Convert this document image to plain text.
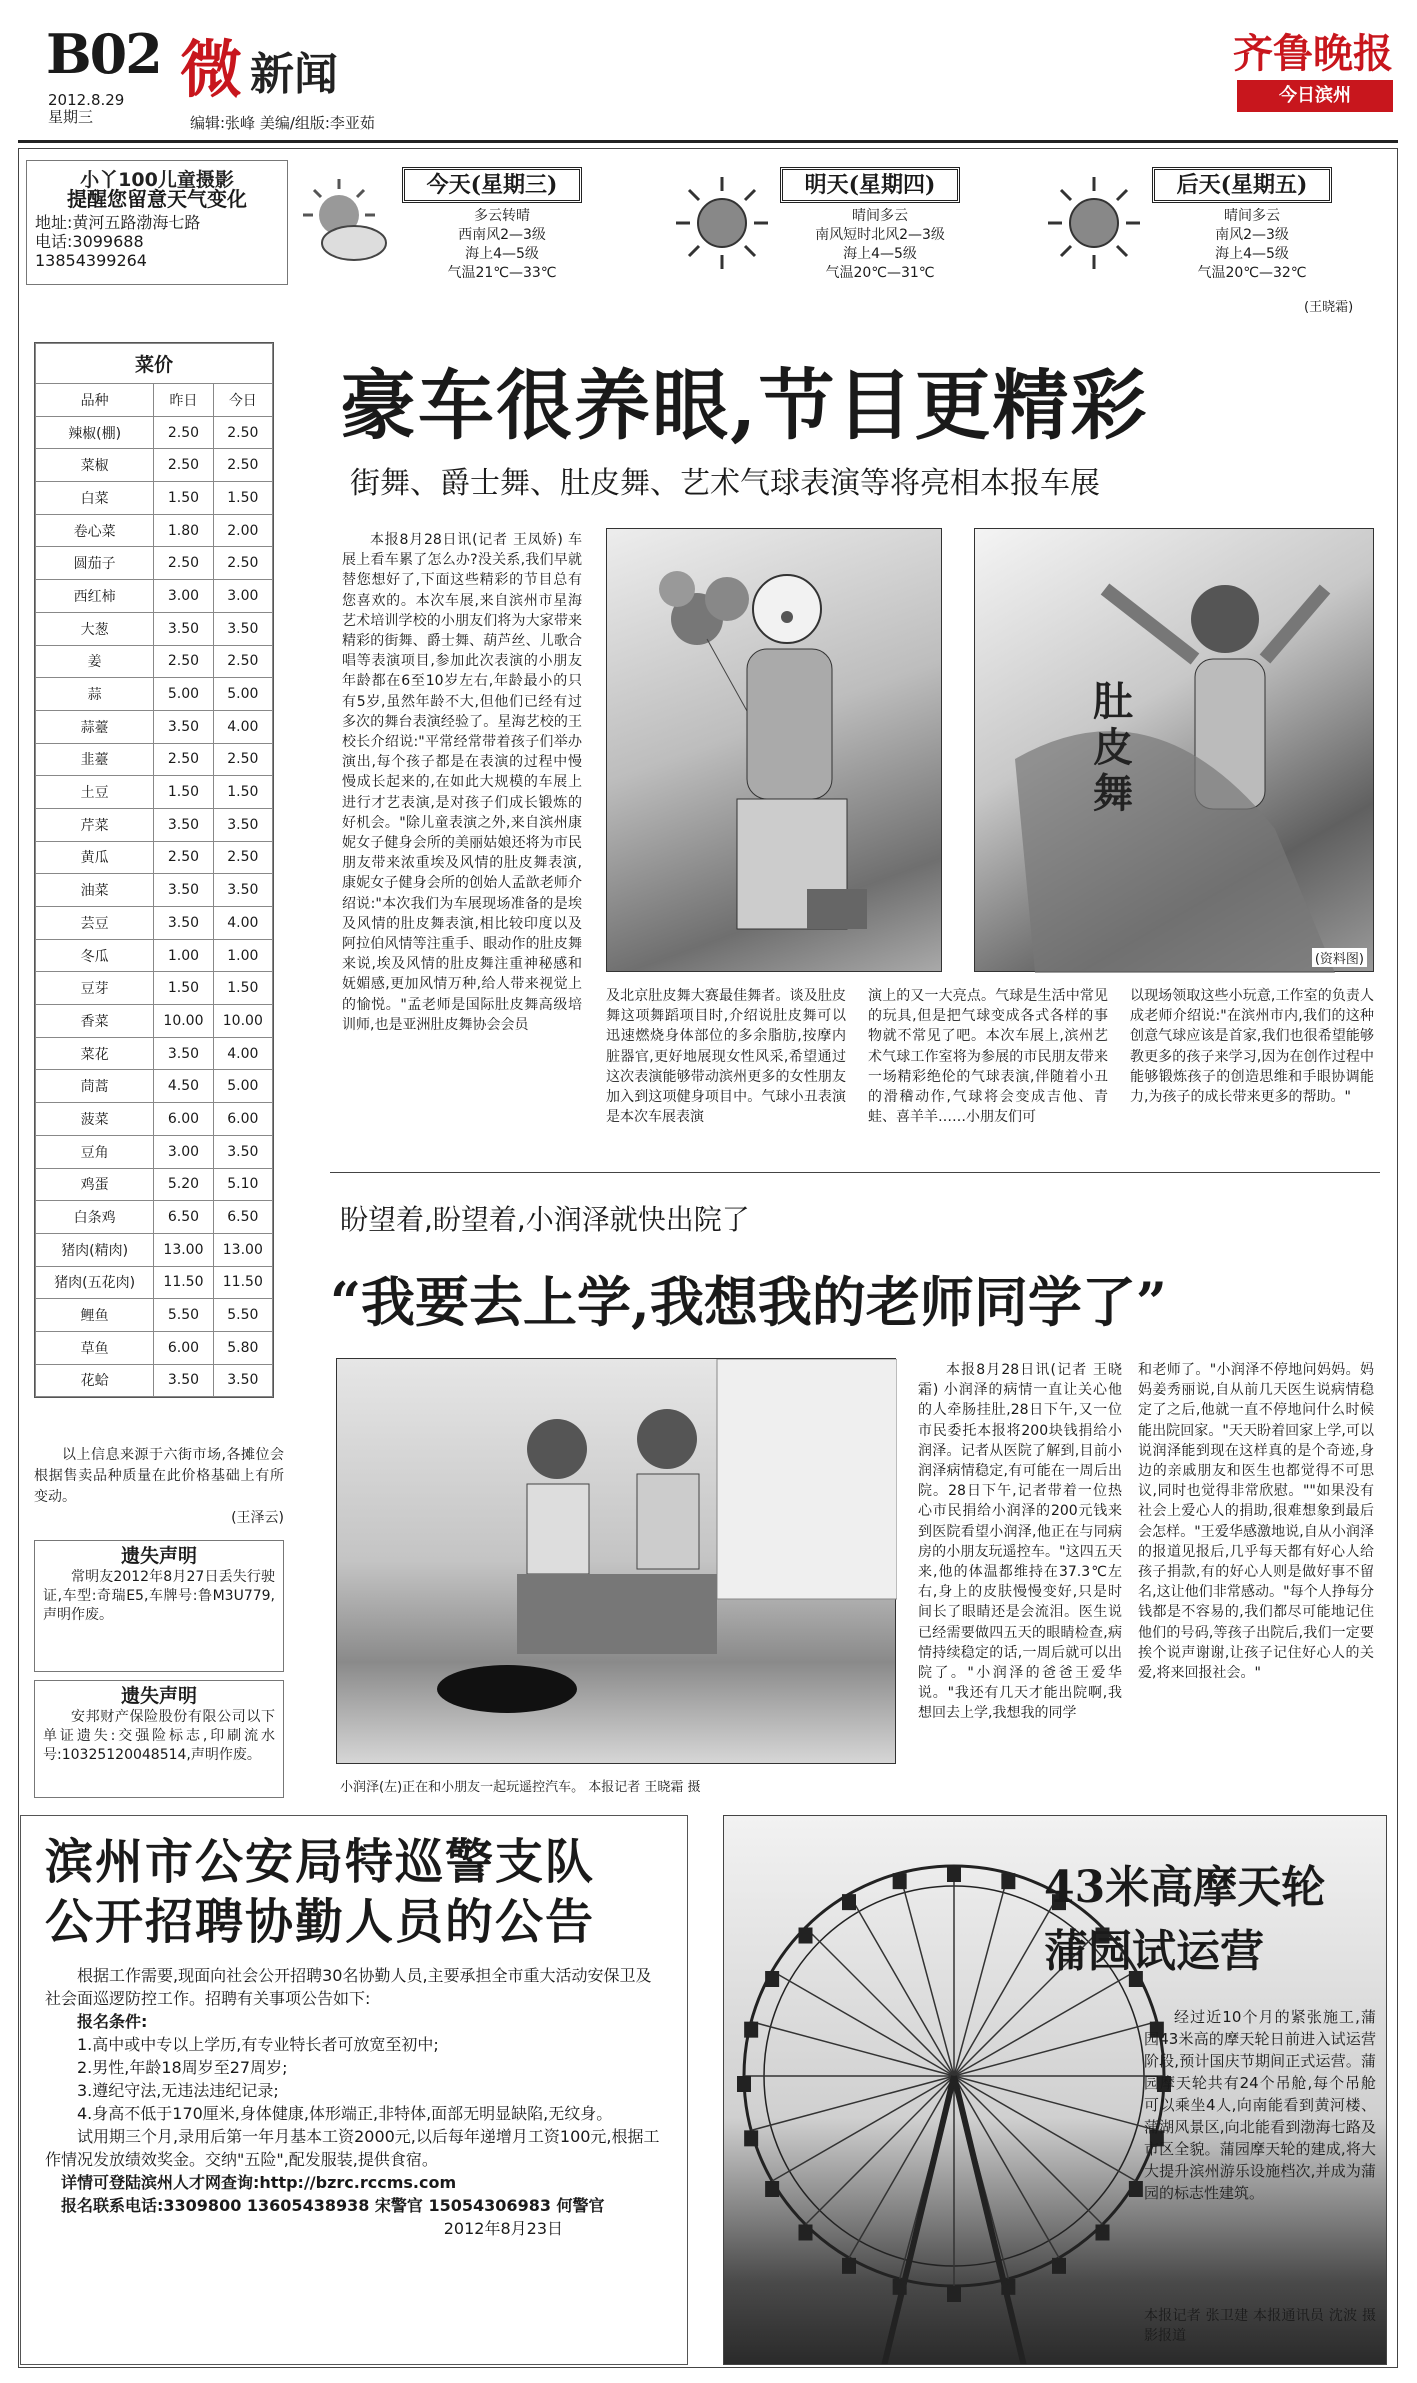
B02
2012.8.29
星期三
微 新闻
编辑:张峰 美编/组版:李亚茹
齐鲁晚报
今日滨州
小丫100儿童摄影
提醒您留意天气变化
地址:黄河五路渤海七路
电话:3099688
13854399264
今天(星期三)
多云转晴
西南风2—3级
海上4—5级
气温21℃—33℃
明天(星期四)
晴间多云
南风短时北风2—3级
海上4—5级
气温20℃—31℃
后天(星期五)
晴间多云
南风2—3级
海上4—5级
气温20℃—32℃
(王晓霜)
菜价
品种	昨日	今日
辣椒(棚)	2.50	2.50
菜椒	2.50	2.50
白菜	1.50	1.50
卷心菜	1.80	2.00
圆茄子	2.50	2.50
西红柿	3.00	3.00
大葱	3.50	3.50
姜	2.50	2.50
蒜	5.00	5.00
蒜薹	3.50	4.00
韭薹	2.50	2.50
土豆	1.50	1.50
芹菜	3.50	3.50
黄瓜	2.50	2.50
油菜	3.50	3.50
芸豆	3.50	4.00
冬瓜	1.00	1.00
豆芽	1.50	1.50
香菜	10.00	10.00
菜花	3.50	4.00
茼蒿	4.50	5.00
菠菜	6.00	6.00
豆角	3.00	3.50
鸡蛋	5.20	5.10
白条鸡	6.50	6.50
猪肉(精肉)	13.00	13.00
猪肉(五花肉)	11.50	11.50
鲤鱼	5.50	5.50
草鱼	6.00	5.80
花蛤	3.50	3.50

以上信息来源于六街市场,各摊位会根据售卖品种质量在此价格基础上有所变动。

(王泽云)

遗失声明

常明友2012年8月27日丢失行驶证,车型:奇瑞E5,车牌号:鲁M3U779,声明作废。

遗失声明

安邦财产保险股份有限公司以下单证遗失:交强险标志,印刷流水号:10325120048514,声明作废。

豪车很养眼,节目更精彩
街舞、爵士舞、肚皮舞、艺术气球表演等将亮相本报车展

本报8月28日讯(记者 王凤娇) 车展上看车累了怎么办?没关系,我们早就替您想好了,下面这些精彩的节目总有您喜欢的。本次车展,来自滨州市星海艺术培训学校的小朋友们将为大家带来精彩的街舞、爵士舞、葫芦丝、儿歌合唱等表演项目,参加此次表演的小朋友年龄都在6至10岁左右,年龄最小的只有5岁,虽然年龄不大,但他们已经有过多次的舞台表演经验了。星海艺校的王校长介绍说:"平常经常带着孩子们举办演出,每个孩子都是在表演的过程中慢慢成长起来的,在如此大规模的车展上进行才艺表演,是对孩子们成长锻炼的好机会。"除儿童表演之外,来自滨州康妮女子健身会所的美丽姑娘还将为市民朋友带来浓重埃及风情的肚皮舞表演,康妮女子健身会所的创始人孟歆老师介绍说:"本次我们为车展现场准备的是埃及风情的肚皮舞表演,相比较印度以及阿拉伯风情等注重手、眼动作的肚皮舞来说,埃及风情的肚皮舞注重神秘感和妩媚感,更加风情万种,给人带来视觉上的愉悦。"孟老师是国际肚皮舞高级培训师,也是亚洲肚皮舞协会会员

肚皮舞
(资料图)

及北京肚皮舞大赛最佳舞者。谈及肚皮舞这项舞蹈项目时,介绍说肚皮舞可以迅速燃烧身体部位的多余脂肪,按摩内脏器官,更好地展现女性风采,希望通过这次表演能够带动滨州更多的女性朋友加入到这项健身项目中。气球小丑表演是本次车展表演

演上的又一大亮点。气球是生活中常见的玩具,但是把气球变成各式各样的事物就不常见了吧。本次车展上,滨州艺术气球工作室将为参展的市民朋友带来一场精彩绝伦的气球表演,伴随着小丑的滑稽动作,气球将会变成吉他、青蛙、喜羊羊……小朋友们可

以现场领取这些小玩意,工作室的负责人成老师介绍说:"在滨州市内,我们的这种创意气球应该是首家,我们也很希望能够教更多的孩子来学习,因为在创作过程中能够锻炼孩子的创造思维和手眼协调能力,为孩子的成长带来更多的帮助。"

盼望着,盼望着,小润泽就快出院了
“我要去上学,我想我的老师同学了”
小润泽(左)正在和小朋友一起玩遥控汽车。 本报记者 王晓霜 摄

本报8月28日讯(记者 王晓霜) 小润泽的病情一直让关心他的人牵肠挂肚,28日下午,又一位市民委托本报将200块钱捐给小润泽。记者从医院了解到,目前小润泽病情稳定,有可能在一周后出院。28日下午,记者带着一位热心市民捐给小润泽的200元钱来到医院看望小润泽,他正在与同病房的小朋友玩遥控车。"这四五天来,他的体温都维持在37.3℃左右,身上的皮肤慢慢变好,只是时间长了眼睛还是会流泪。医生说已经需要做四五天的眼睛检查,病情持续稳定的话,一周后就可以出院了。"小润泽的爸爸王爱华说。"我还有几天才能出院啊,我想回去上学,我想我的同学

和老师了。"小润泽不停地问妈妈。妈妈姜秀丽说,自从前几天医生说病情稳定了之后,他就一直不停地问什么时候能出院回家。"天天盼着回家上学,可以说润泽能到现在这样真的是个奇迹,身边的亲戚朋友和医生也都觉得不可思议,同时也觉得非常欣慰。""如果没有社会上爱心人的捐助,很难想象到最后会怎样。"王爱华感激地说,自从小润泽的报道见报后,几乎每天都有好心人给孩子捐款,有的好心人则是做好事不留名,这让他们非常感动。"每个人挣每分钱都是不容易的,我们都尽可能地记住他们的号码,等孩子出院后,我们一定要挨个说声谢谢,让孩子记住好心人的关爱,将来回报社会。"

滨州市公安局特巡警支队
公开招聘协勤人员的公告

根据工作需要,现面向社会公开招聘30名协勤人员,主要承担全市重大活动安保卫及社会面巡逻防控工作。招聘有关事项公告如下:

报名条件:

1.高中或中专以上学历,有专业特长者可放宽至初中;

2.男性,年龄18周岁至27周岁;

3.遵纪守法,无违法违纪记录;

4.身高不低于170厘米,身体健康,体形端正,非特体,面部无明显缺陷,无纹身。

试用期三个月,录用后第一年月基本工资2000元,以后每年递增月工资100元,根据工作情况发放绩效奖金。交纳"五险",配发服装,提供食宿。

详情可登陆滨州人才网查询:http://bzrc.rccms.com

报名联系电话:3309800 13605438938 宋警官 15054306983 何警官

2012年8月23日

43米高摩天轮
蒲园试运营

经过近10个月的紧张施工,蒲园43米高的摩天轮日前进入试运营阶段,预计国庆节期间正式运营。蒲园摩天轮共有24个吊舱,每个吊舱可以乘坐4人,向南能看到黄河楼、蒲湖风景区,向北能看到渤海七路及市区全貌。蒲园摩天轮的建成,将大大提升滨州游乐设施档次,并成为蒲园的标志性建筑。

本报记者 张卫建 本报通讯员 沈波 摄影报道
